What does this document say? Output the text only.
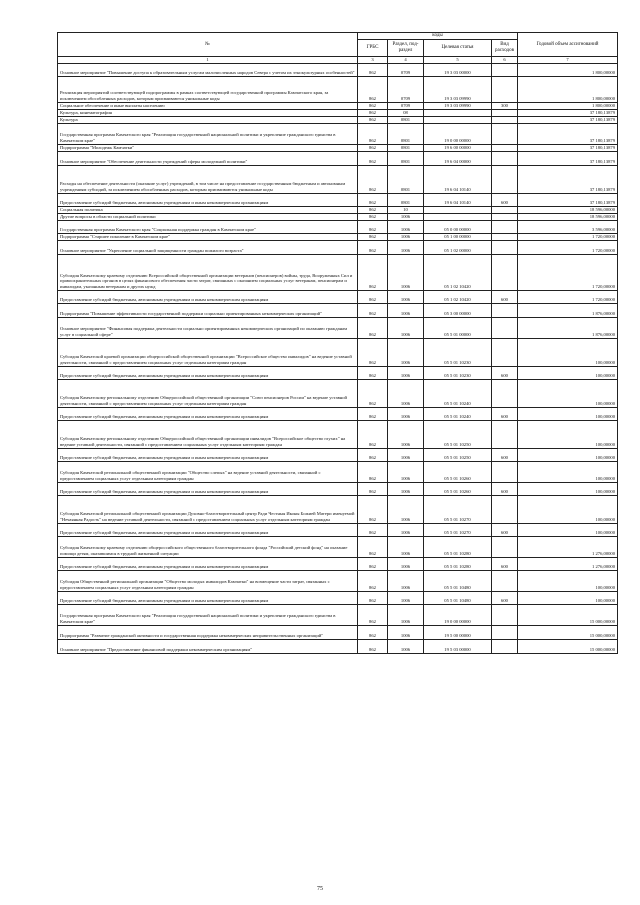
№	коды				Годовой объем ассигнований
	ГРБС	Раздел, под-раздел	Целевая статья	Вид расходов	
1	3	4	5	6	7
Основное мероприятие "Повышение доступа к образовательным услугам малочисленных народов Севера с учетом их этнокультурных особенностей"	862	0709	19 3 03 00000		1 800,00000
Реализация мероприятий соответствующей подпрограммы в рамках соответствующей государственной программы Камчатского края, за исключением обособленных расходов, которым присваиваются уникальные коды	862	0709	19 3 03 09990		1 800,00000
Социальное обеспечение и иные выплаты населению	862	0709	19 3 03 09990	300	1 800,00000
Культура, кинематография	862	08			37 180,13879
Культура	862	0801			37 180,13879
Государственная программа Камчатского края "Реализация государственной национальной политики и укрепление гражданского единства в Камчатском крае"	862	0801	19 0 00 00000		37 180,13879
Подпрограмма "Молодежь Камчатки"	862	0801	19 6 00 00000		37 180,13879
Основное мероприятие "Обеспечение деятельности учреждений сферы молодежной политики"	862	0801	19 6 04 00000		37 180,13879
Расходы на обеспечение деятельности (оказание услуг) учреждений, в том числе на предоставление государственным бюджетным и автономным учреждениям субсидий, за исключением обособленных расходов, которым присваиваются уникальные коды	862	0801	19 6 04 10140		37 180,13879
Предоставление субсидий бюджетным, автономным учреждениям и иным некоммерческим организациям	862	0801	19 6 04 10140	600	37 180,13879
Социальная политика	862	10			18 596,00000
Другие вопросы в области социальной политики	862	1006			18 596,00000
Государственная программа Камчатского края "Социальная поддержка граждан в Камчатском крае"	862	1006	05 0 00 00000		3 596,00000
Подпрограмма "Старшее поколение в Камчатском крае"	862	1006	05 1 00 00000		1 720,00000
Основное мероприятие "Укрепление социальной защищенности граждан пожилого возраста"	862	1006	05 1 02 00000		1 720,00000
Субсидия Камчатскому краевому отделению Всероссийской общественной организации ветеранов (пенсионеров) войны, труда, Вооруженных Сил и правоохранительных органов в целях финансового обеспечения части затрат, связанных с оказанием социальных услуг ветеранам, пенсионерам и инвалидам, указанным ветеранам и других нужд	862	1006	05 1 02 10420		1 720,00000
Предоставление субсидий бюджетным, автономным учреждениям и иным некоммерческим организациям	862	1006	05 1 02 10420	600	1 720,00000
Подпрограмма "Повышение эффективности государственной поддержки социально ориентированных некоммерческих организаций"	862	1006	05 3 00 00000		1 876,00000
Основное мероприятие "Финансовая поддержка деятельности социально ориентированных некоммерческих организаций по оказанию гражданам услуг в социальной сфере"	862	1006	05 5 01 00000		1 876,00000
Субсидия Камчатской краевой организации общероссийской общественной организации "Всероссийское общество инвалидов" на ведение уставной деятельности, связанной с предоставлением социальных услуг отдельным категориям граждан	862	1006	05 5 01 10230		100,00000
Предоставление субсидий бюджетным, автономным учреждениям и иным некоммерческим организациям	862	1006	05 5 01 10230	600	100,00000
Субсидия Камчатскому региональному отделению Общероссийской общественной организации "Союз пенсионеров России" на ведение уставной деятельности, связанной с предоставлением социальных услуг отдельным категориям граждан	862	1006	05 5 01 10240		100,00000
Предоставление субсидий бюджетным, автономным учреждениям и иным некоммерческим организациям	862	1006	05 5 01 10240	600	100,00000
Субсидия Камчатскому региональному отделению Общероссийской общественной организации инвалидов "Всероссийское общество глухих" на ведение уставной деятельности, связанной с предоставлением социальных услуг отдельным категориям граждан	862	1006	05 5 01 10250		100,00000
Предоставление субсидий бюджетным, автономным учреждениям и иным некоммерческим организациям	862	1006	05 5 01 10250	600	100,00000
Субсидия Камчатской региональной общественной организации "Общество слепых" на ведение уставной деятельности, связанной с предоставлением социальных услуг отдельным категориям граждан	862	1006	05 5 01 10260		100,00000
Предоставление субсидий бюджетным, автономным учреждениям и иным некоммерческим организациям	862	1006	05 5 01 10260	600	100,00000
Субсидия Камчатской региональной общественной организации Духовно-благотворительный центр Ради Честныя Иконы Божией Матери именуемой "Нечаянная Радость" на ведение уставной деятельности, связанной с предоставлением социальных услуг отдельным категориям граждан	862	1006	05 5 01 10270		100,00000
Предоставление субсидий бюджетным, автономным учреждениям и иным некоммерческим организациям	862	1006	05 5 01 10270	600	100,00000
Субсидия Камчатскому краевому отделению общероссийского общественного благотворительного фонда "Российский детский фонд" на оказание помощи детям, оказавшимся в трудной жизненной ситуации	862	1006	05 5 01 10280		1 276,00000
Предоставление субсидий бюджетным, автономным учреждениям и иным некоммерческим организациям	862	1006	05 5 01 10280	600	1 276,00000
Субсидия Общественной региональной организации "Общество молодых инвалидов Камчатки" на возмещение части затрат, связанных с предоставлением социальных услуг отдельным категориям граждан	862	1006	05 5 01 10480		100,00000
Предоставление субсидий бюджетным, автономным учреждениям и иным некоммерческим организациям	862	1006	05 5 01 10480	600	100,00000
Государственная программа Камчатского края "Реализация государственной национальной политики и укрепление гражданского единства в Камчатском крае"	862	1006	19 0 00 00000		15 000,00000
Подпрограмма "Развитие гражданской активности и государственная поддержка некоммерческих неправительственных организаций"	862	1006	19 5 00 00000		15 000,00000
Основное мероприятие "Предоставление финансовой поддержки некоммерческим организациям"	862	1006	19 5 03 00000		15 000,00000
75
